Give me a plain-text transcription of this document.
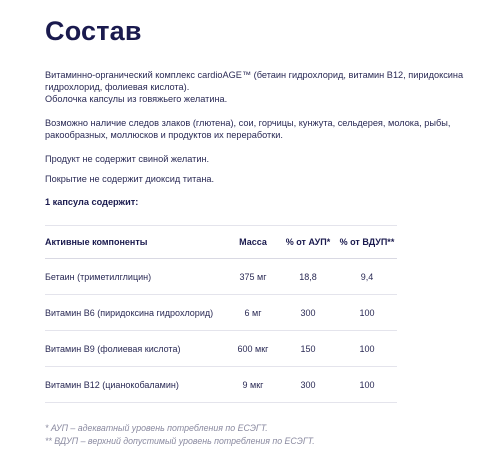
Состав
Витаминно-органический комплекс cardioAGE™ (бетаин гидрохлорид, витамин В12, пиридоксина
гидрохлорид, фолиевая кислота).
Оболочка капсулы из говяжьего желатина.
Возможно наличие следов злаков (глютена), сои, горчицы, кунжута, сельдерея, молока, рыбы,
ракообразных, моллюсков и продуктов их переработки.
Продукт не содержит свиной желатин.
Покрытие не содержит диоксид титана.
1 капсула содержит:
Активные компоненты	Масса	% от АУП*	% от ВДУП**
Бетаин (триметилглицин)	375 мг	18,8	9,4
Витамин В6 (пиридоксина гидрохлорид)	6 мг	300	100
Витамин В9 (фолиевая кислота)	600 мкг	150	100
Витамин В12 (цианокобаламин)	9 мкг	300	100
* АУП – адекватный уровень потребления по ЕСЭГТ.
** ВДУП – верхний допустимый уровень потребления по ЕСЭГТ.
